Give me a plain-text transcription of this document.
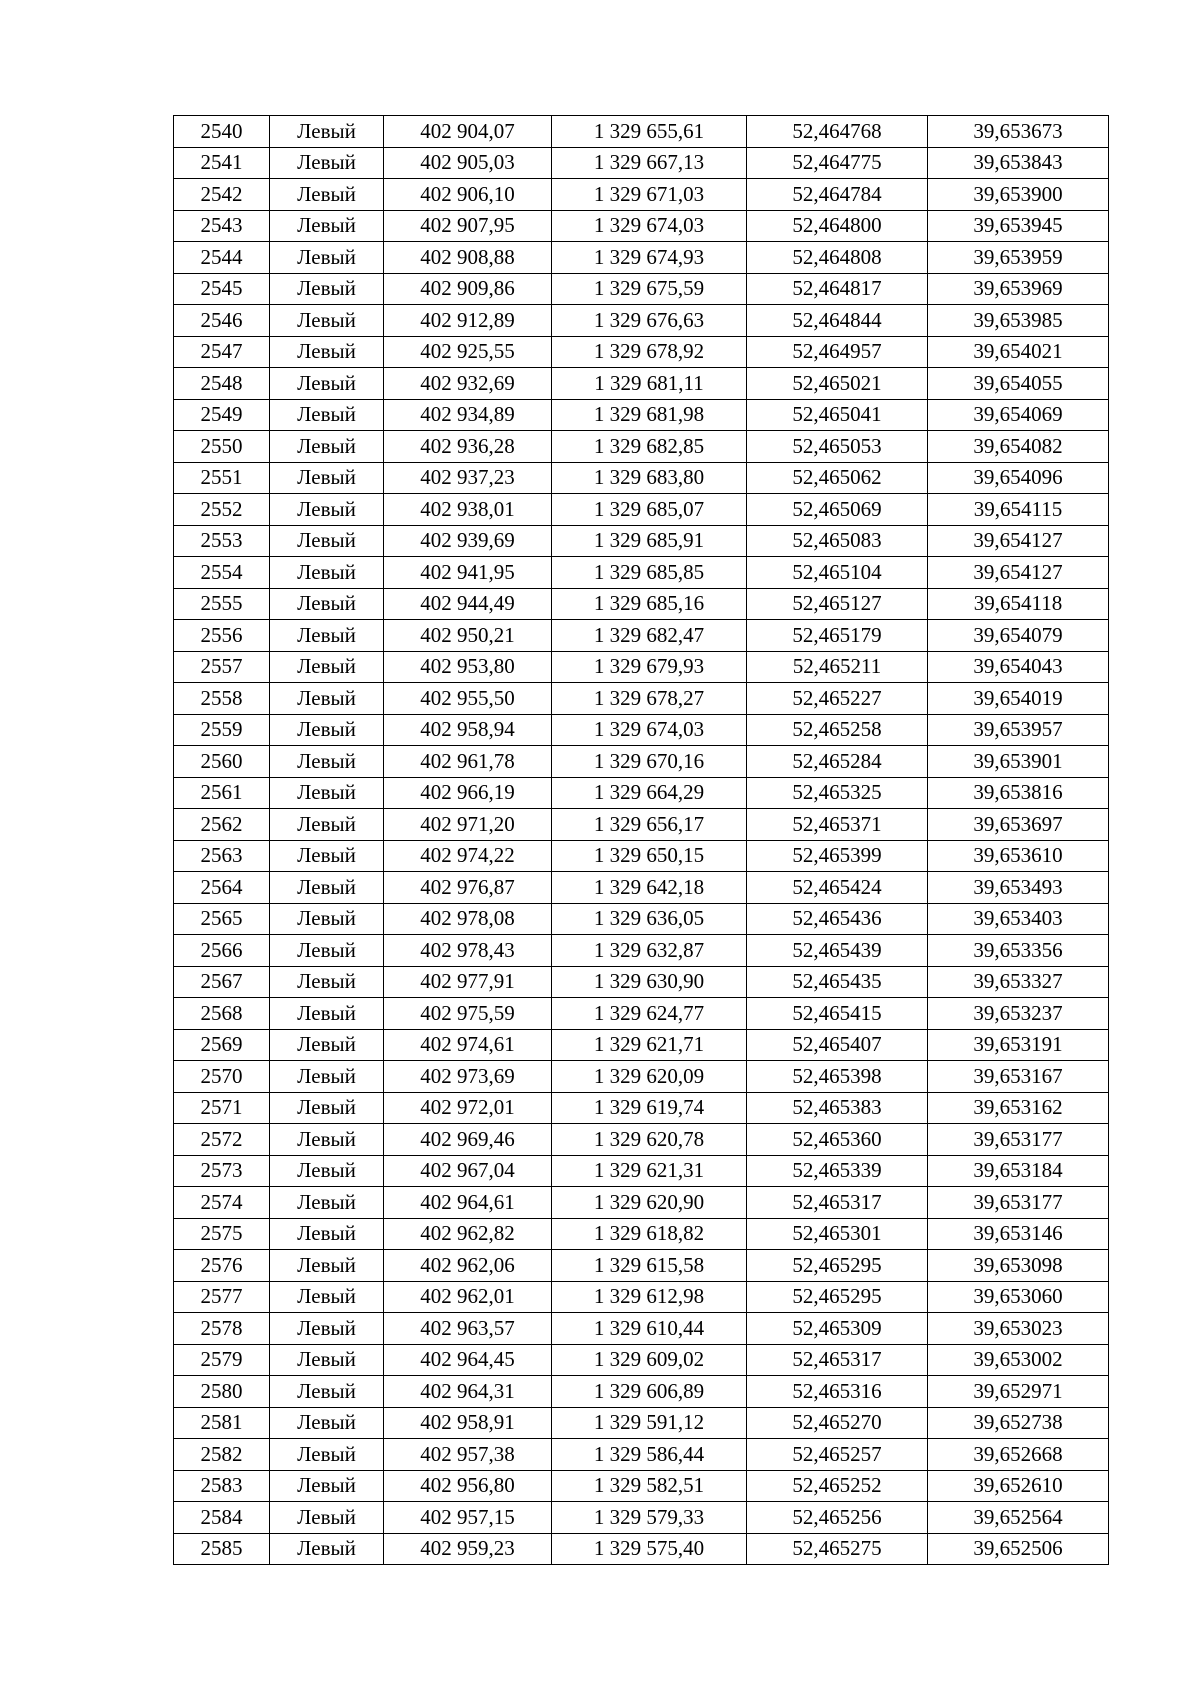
2540	Левый	402 904,07	1 329 655,61	52,464768	39,653673
2541	Левый	402 905,03	1 329 667,13	52,464775	39,653843
2542	Левый	402 906,10	1 329 671,03	52,464784	39,653900
2543	Левый	402 907,95	1 329 674,03	52,464800	39,653945
2544	Левый	402 908,88	1 329 674,93	52,464808	39,653959
2545	Левый	402 909,86	1 329 675,59	52,464817	39,653969
2546	Левый	402 912,89	1 329 676,63	52,464844	39,653985
2547	Левый	402 925,55	1 329 678,92	52,464957	39,654021
2548	Левый	402 932,69	1 329 681,11	52,465021	39,654055
2549	Левый	402 934,89	1 329 681,98	52,465041	39,654069
2550	Левый	402 936,28	1 329 682,85	52,465053	39,654082
2551	Левый	402 937,23	1 329 683,80	52,465062	39,654096
2552	Левый	402 938,01	1 329 685,07	52,465069	39,654115
2553	Левый	402 939,69	1 329 685,91	52,465083	39,654127
2554	Левый	402 941,95	1 329 685,85	52,465104	39,654127
2555	Левый	402 944,49	1 329 685,16	52,465127	39,654118
2556	Левый	402 950,21	1 329 682,47	52,465179	39,654079
2557	Левый	402 953,80	1 329 679,93	52,465211	39,654043
2558	Левый	402 955,50	1 329 678,27	52,465227	39,654019
2559	Левый	402 958,94	1 329 674,03	52,465258	39,653957
2560	Левый	402 961,78	1 329 670,16	52,465284	39,653901
2561	Левый	402 966,19	1 329 664,29	52,465325	39,653816
2562	Левый	402 971,20	1 329 656,17	52,465371	39,653697
2563	Левый	402 974,22	1 329 650,15	52,465399	39,653610
2564	Левый	402 976,87	1 329 642,18	52,465424	39,653493
2565	Левый	402 978,08	1 329 636,05	52,465436	39,653403
2566	Левый	402 978,43	1 329 632,87	52,465439	39,653356
2567	Левый	402 977,91	1 329 630,90	52,465435	39,653327
2568	Левый	402 975,59	1 329 624,77	52,465415	39,653237
2569	Левый	402 974,61	1 329 621,71	52,465407	39,653191
2570	Левый	402 973,69	1 329 620,09	52,465398	39,653167
2571	Левый	402 972,01	1 329 619,74	52,465383	39,653162
2572	Левый	402 969,46	1 329 620,78	52,465360	39,653177
2573	Левый	402 967,04	1 329 621,31	52,465339	39,653184
2574	Левый	402 964,61	1 329 620,90	52,465317	39,653177
2575	Левый	402 962,82	1 329 618,82	52,465301	39,653146
2576	Левый	402 962,06	1 329 615,58	52,465295	39,653098
2577	Левый	402 962,01	1 329 612,98	52,465295	39,653060
2578	Левый	402 963,57	1 329 610,44	52,465309	39,653023
2579	Левый	402 964,45	1 329 609,02	52,465317	39,653002
2580	Левый	402 964,31	1 329 606,89	52,465316	39,652971
2581	Левый	402 958,91	1 329 591,12	52,465270	39,652738
2582	Левый	402 957,38	1 329 586,44	52,465257	39,652668
2583	Левый	402 956,80	1 329 582,51	52,465252	39,652610
2584	Левый	402 957,15	1 329 579,33	52,465256	39,652564
2585	Левый	402 959,23	1 329 575,40	52,465275	39,652506
